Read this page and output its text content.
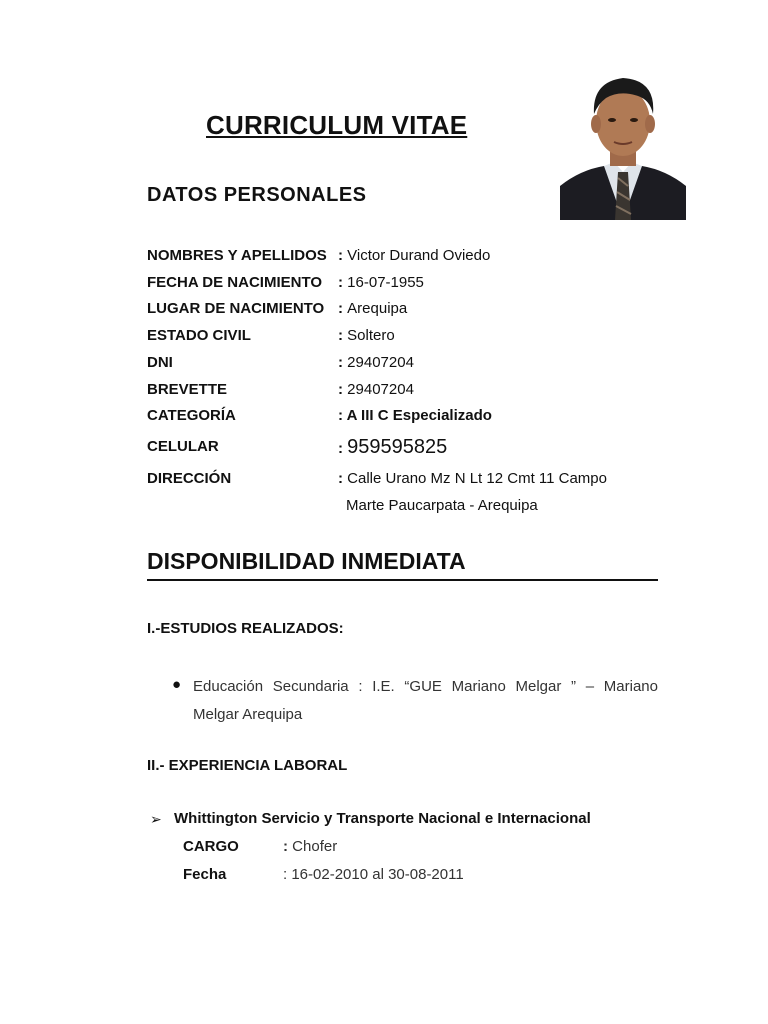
CURRICULUM VITAE
DATOS PERSONALES
NOMBRES Y APELLIDOS : Victor Durand Oviedo
FECHA DE NACIMIENTO : 16-07-1955
LUGAR DE NACIMIENTO : Arequipa
ESTADO CIVIL	: Soltero
DNI	: 29407204
BREVETTE	: 29407204
CATEGORÍA	: A III C Especializado
CELULAR	: 959595825
DIRECCIÓN	: Calle Urano Mz N Lt 12 Cmt 11 Campo
Marte Paucarpata - Arequipa
DISPONIBILIDAD INMEDIATA
I.-ESTUDIOS REALIZADOS:
● Educación Secundaria : I.E. “GUE Mariano Melgar ” – Mariano Melgar Arequipa
II.- EXPERIENCIA LABORAL
➢ Whittington Servicio y Transporte Nacional e Internacional
CARGO	: Chofer
Fecha	: 16-02-2010 al 30-08-2011
